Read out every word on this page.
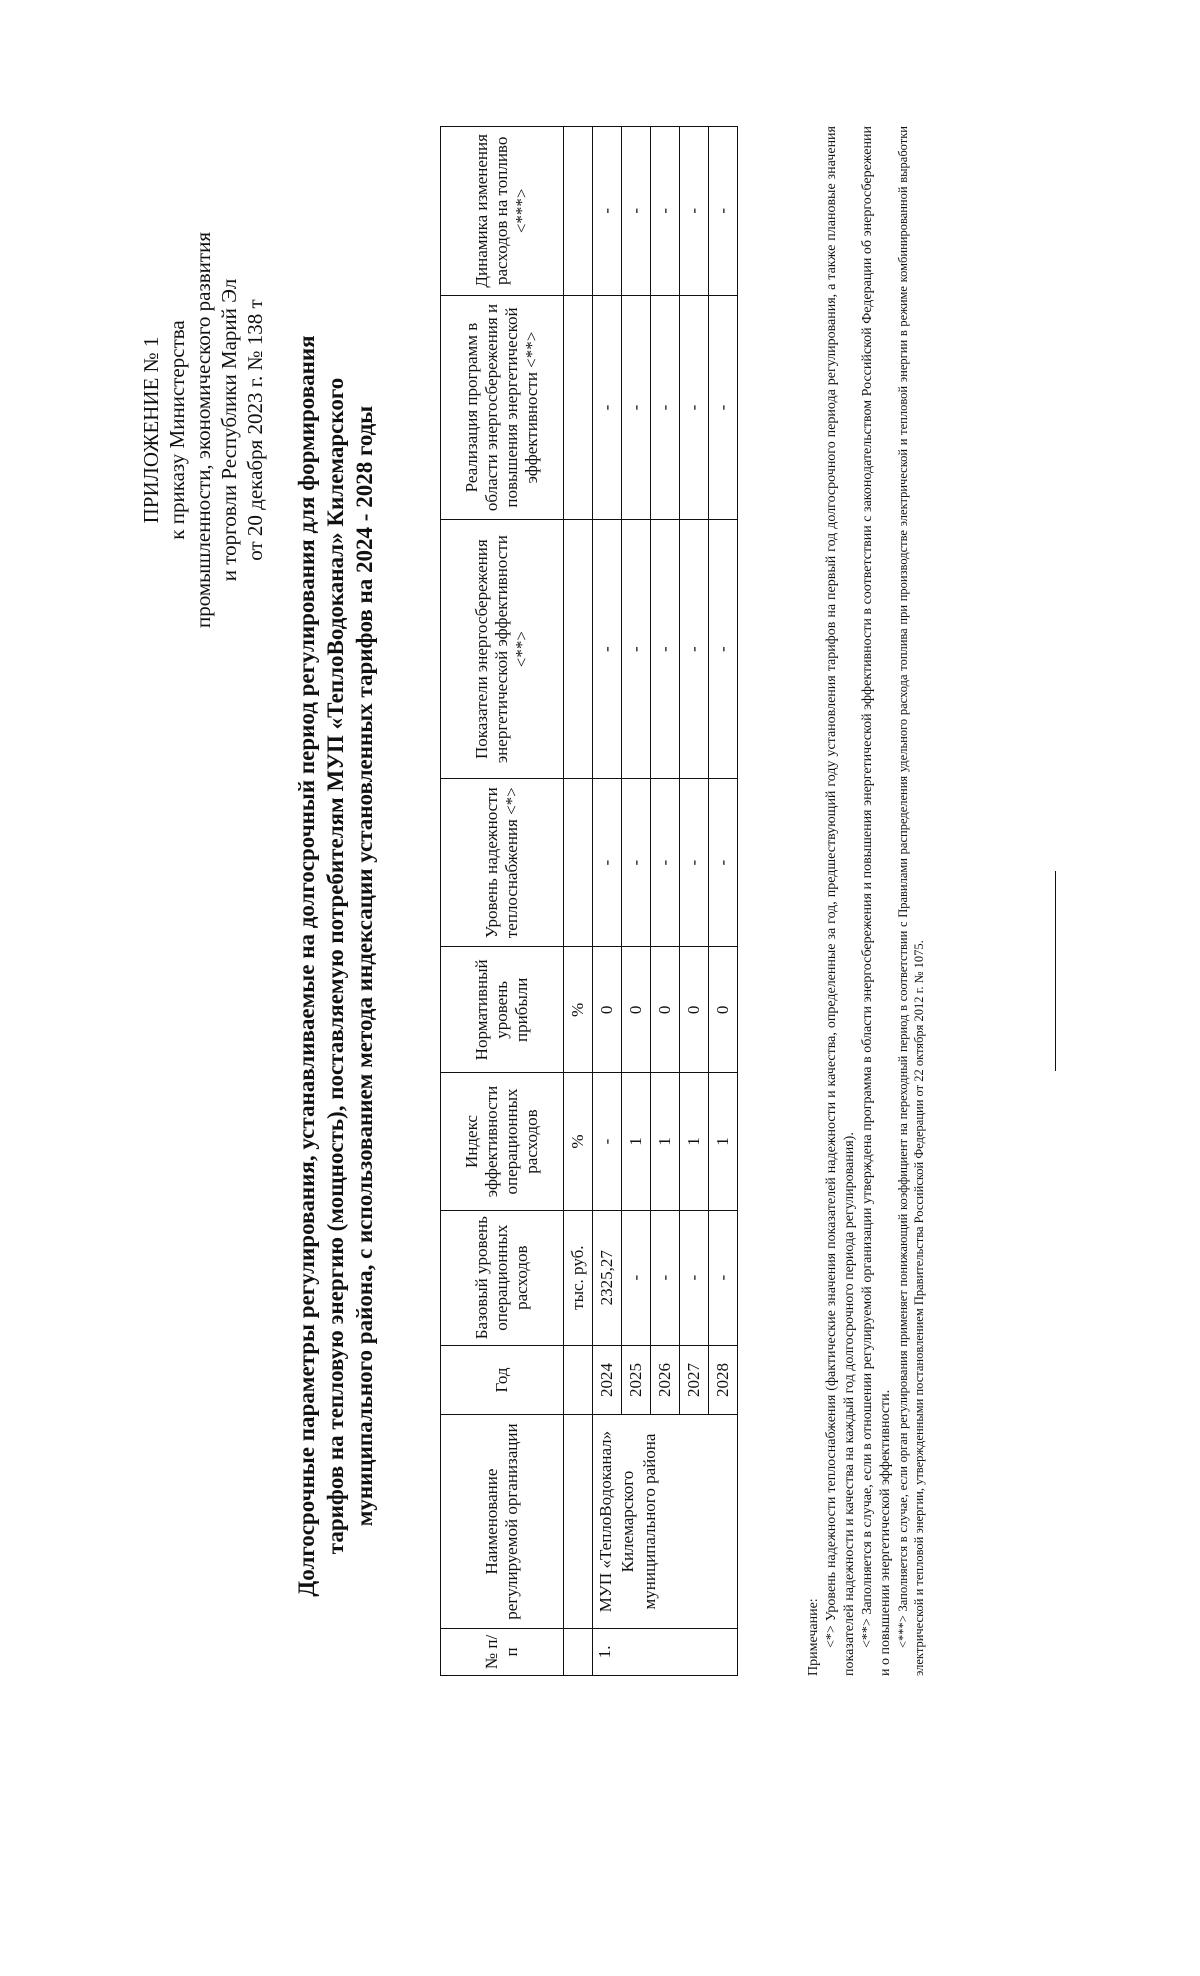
ПРИЛОЖЕНИЕ № 1 к приказу Министерства промышленности, экономического развития и торговли Республики Марий Эл от 20 декабря 2023 г. № 138 т Долгосрочные параметры регулирования, устанавливаемые на долгосрочный период регулирования для формирования тарифов на тепловую энергию (мощность), поставляемую потребителям МУП «ТеплоВодоканал» Килемарского муниципального района, с использованием метода индексации установленных тарифов на 2024 - 2028 годы
№ п/п	Наименование регулируемой организации	Год	Базовый уровень операционных расходов	Индекс эффективности операционных расходов	Нормативный уровень прибыли	Уровень надежности теплоснабжения <*>	Показатели энергосбережения энергетической эффективности <**>	Реализация программ в области энергосбережения и повышения энергетической эффективности <**>	Динамика изменения расходов на топливо <***>
			тыс. руб.	%	%				
1.	МУП «ТеплоВодоканал» Килемарского муниципального района	2024	2325,27	-	0	-	-	-	-
		2025	-	1	0	-	-	-	-
		2026	-	1	0	-	-	-	-
		2027	-	1	0	-	-	-	-
		2028	-	1	0	-	-	-	-

Примечание: <*> Уровень надежности теплоснабжения (фактические значения показателей надежности и качества, определенные за год, предшествующий году установления тарифов на первый год долгосрочного периода регулирования, а также плановые значения показателей надежности и качества на каждый год долгосрочного периода регулирования). <**> Заполняется в случае, если в отношении регулируемой организации утверждена программа в области энергосбережения и повышения энергетической эффективности в соответствии с законодательством Российской Федерации об энергосбережении и о повышении энергетической эффективности. <***> Заполняется в случае, если орган регулирования применяет понижающий коэффициент на переходный период в соответствии с Правилами распределения удельного расхода топлива при производстве электрической и тепловой энергии в режиме комбинированной выработки электрической и тепловой энергии, утвержденными постановлением Правительства Российской Федерации от 22 октября 2012 г. № 1075.
